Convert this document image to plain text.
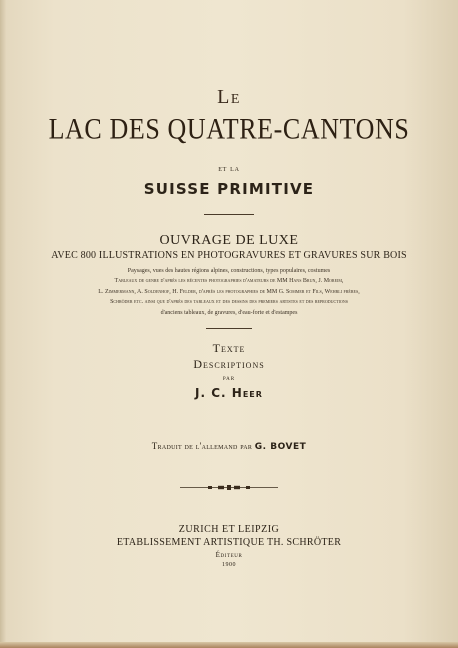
Le
LAC DES QUATRE-CANTONS
et la
SUISSE PRIMITIVE
OUVRAGE DE LUXE
AVEC 800 ILLUSTRATIONS EN PHOTOGRAVURES ET GRAVURES SUR BOIS
Paysages, vues des hautes régions alpines, constructions, types populaires, costumes
Tableaux de genre d'après les récentes photographies d'amateurs de MM Hans Brun, J. Moreim,
L. Zimmermann, A. Soldenhof, H. Felder, d'après les photographies de MM G. Sommer et Fils, Wehrli frères,
Schröder etc. ainsi que d'après des tableaux et des dessins des premiers artistes et des reproductions
d'anciens tableaux, de gravures, d'eau-forte et d'estampes
Texte
Descriptions
par
J. C. Heer
Traduit de l'allemand par G. BOVET
ZURICH ET LEIPZIG
ETABLISSEMENT ARTISTIQUE TH. SCHRÖTER
Éditeur
1900
